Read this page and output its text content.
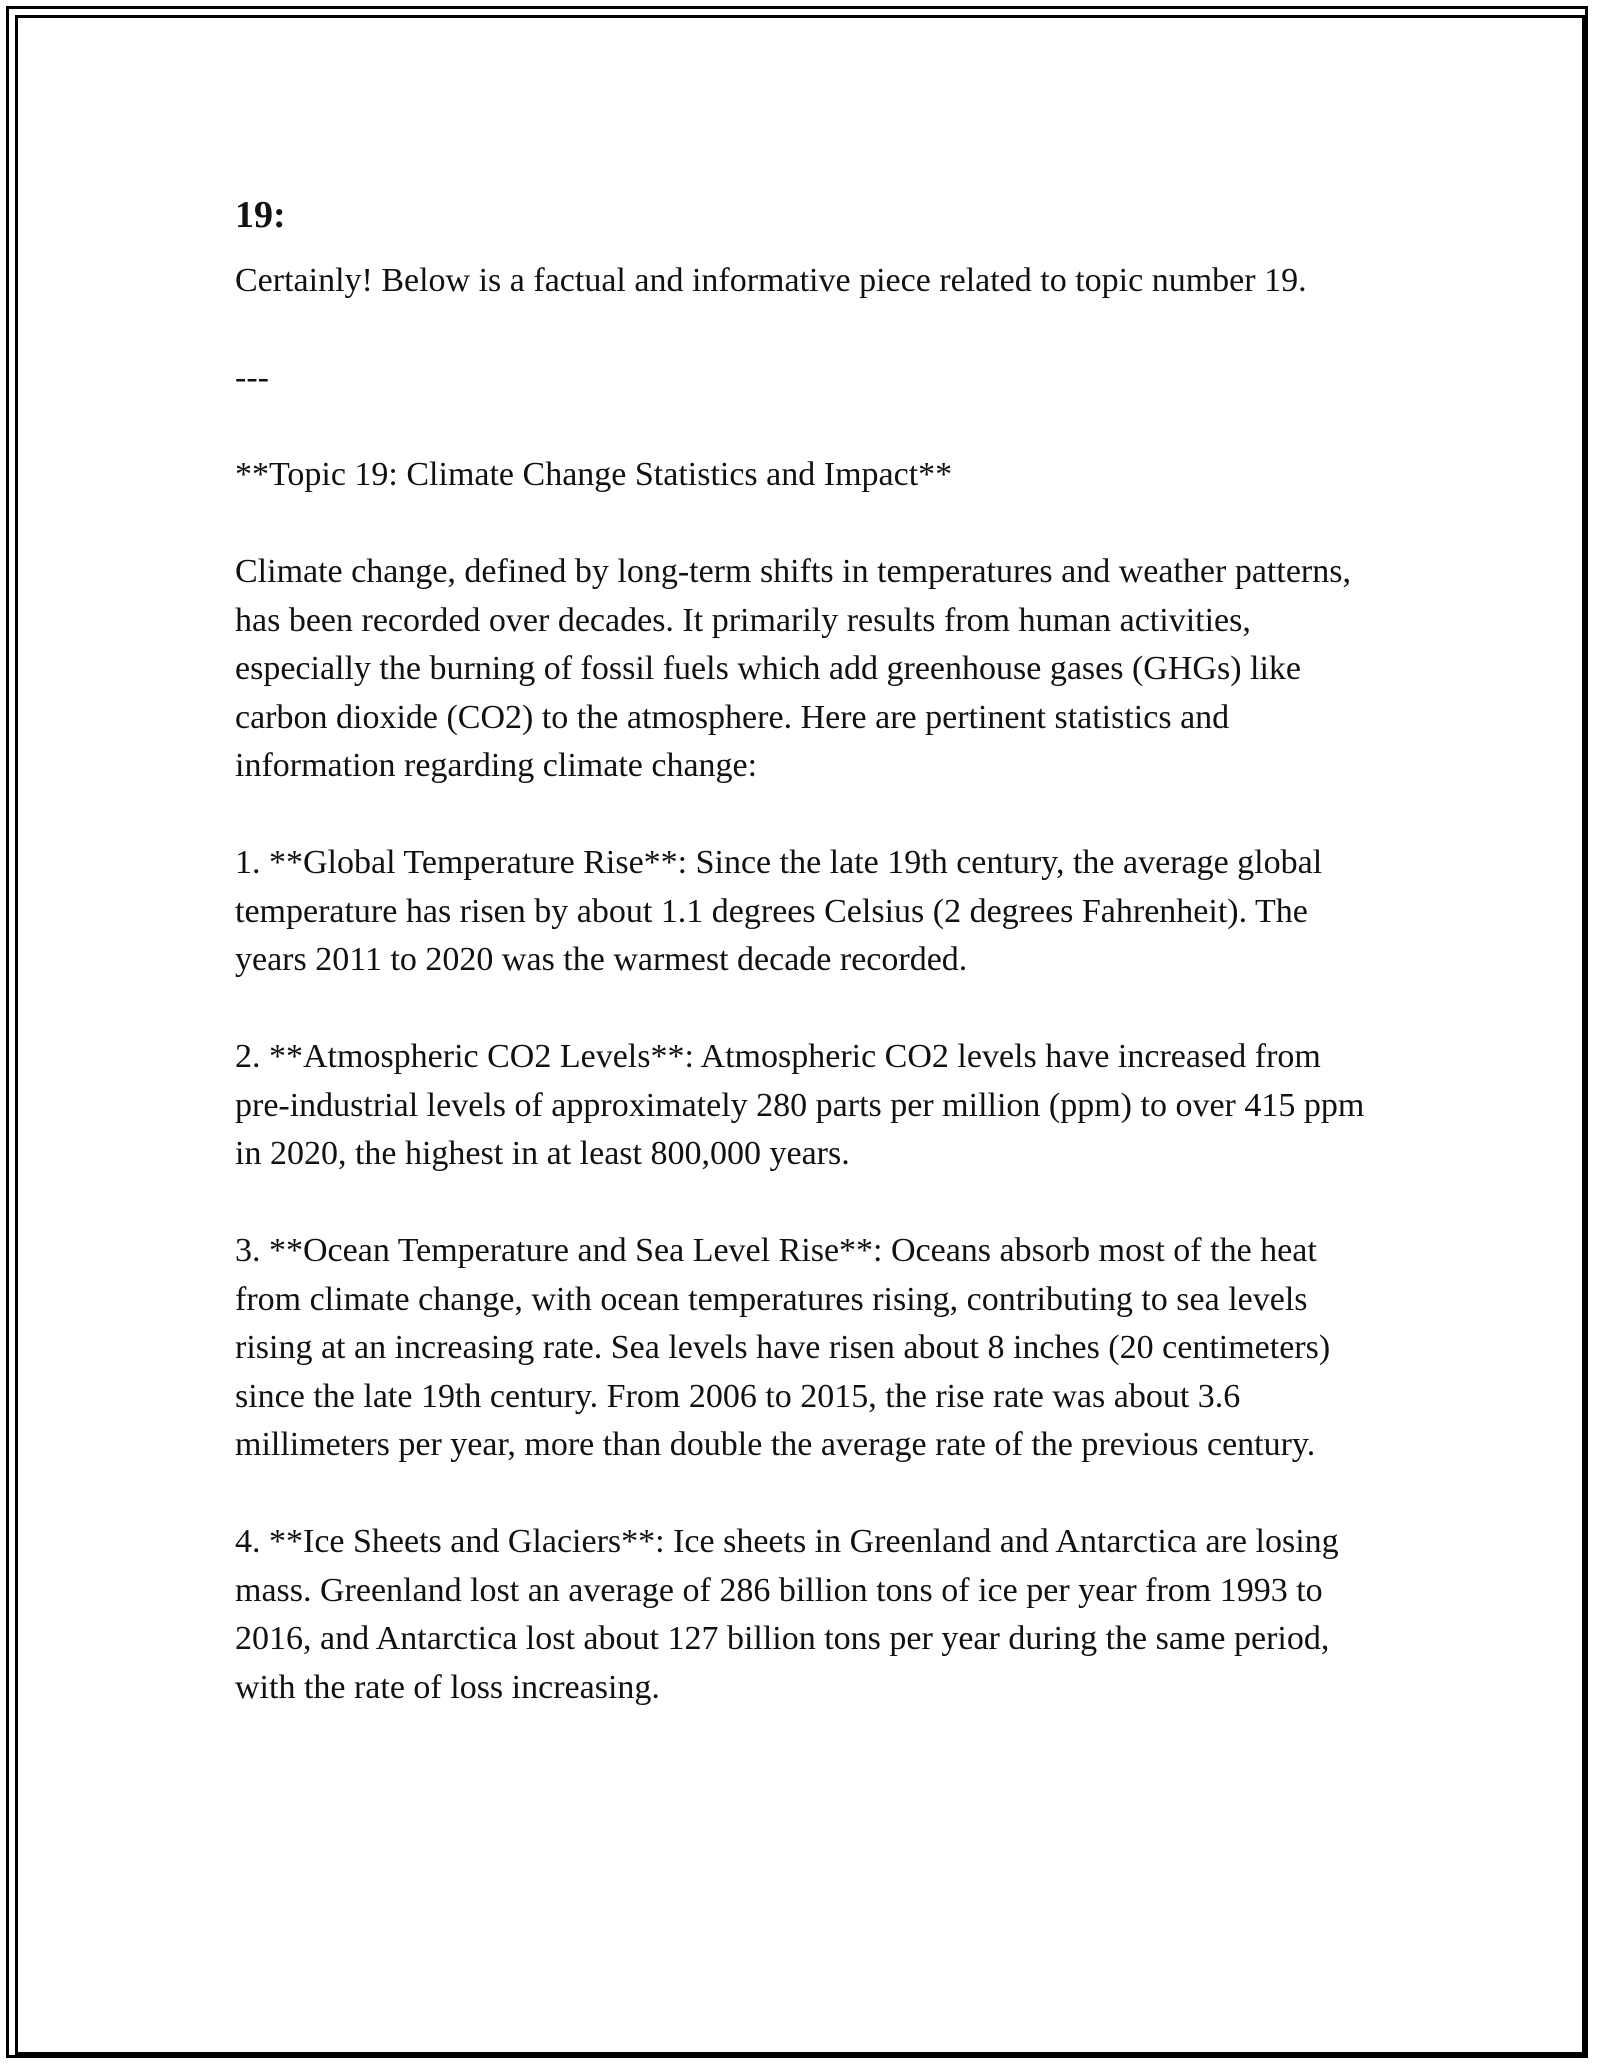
19:

Certainly! Below is a factual and informative piece related to topic number 19.

---

**Topic 19: Climate Change Statistics and Impact**

Climate change, defined by long-term shifts in temperatures and weather patterns, has been recorded over decades. It primarily results from human activities, especially the burning of fossil fuels which add greenhouse gases (GHGs) like carbon dioxide (CO2) to the atmosphere. Here are pertinent statistics and information regarding climate change:

1. **Global Temperature Rise**: Since the late 19th century, the average global temperature has risen by about 1.1 degrees Celsius (2 degrees Fahrenheit). The years 2011 to 2020 was the warmest decade recorded.

2. **Atmospheric CO2 Levels**: Atmospheric CO2 levels have increased from pre-industrial levels of approximately 280 parts per million (ppm) to over 415 ppm in 2020, the highest in at least 800,000 years.

3. **Ocean Temperature and Sea Level Rise**: Oceans absorb most of the heat from climate change, with ocean temperatures rising, contributing to sea levels rising at an increasing rate. Sea levels have risen about 8 inches (20 centimeters) since the late 19th century. From 2006 to 2015, the rise rate was about 3.6 millimeters per year, more than double the average rate of the previous century.

4. **Ice Sheets and Glaciers**: Ice sheets in Greenland and Antarctica are losing mass. Greenland lost an average of 286 billion tons of ice per year from 1993 to 2016, and Antarctica lost about 127 billion tons per year during the same period, with the rate of loss increasing.
